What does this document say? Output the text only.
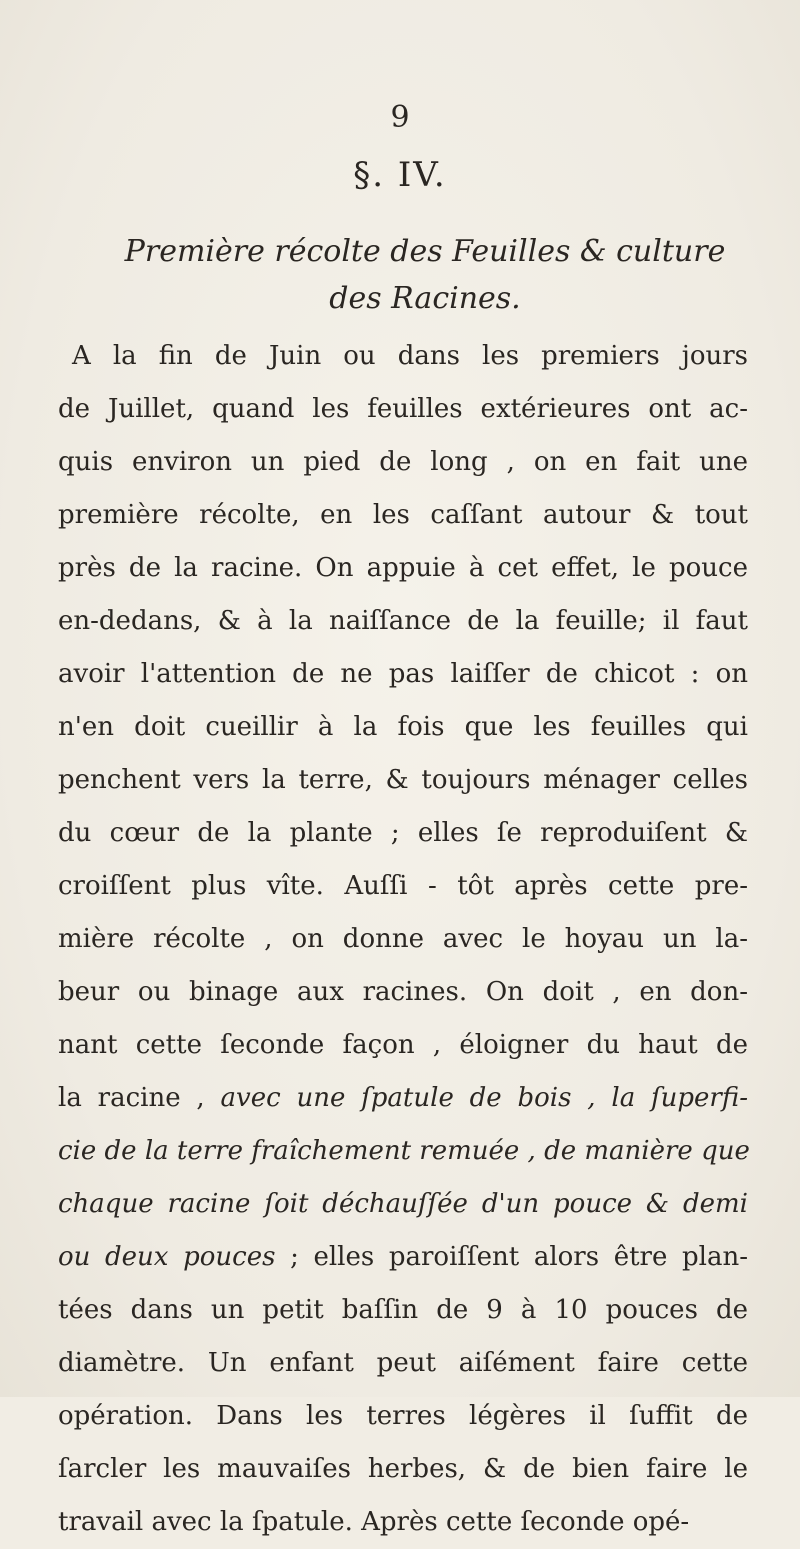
9
§. IV.
Première récolte des Feuilles & culture
des Racines.
A la fin de Juin ou dans les premiers jours
de Juillet, quand les feuilles extérieures ont ac-
quis environ un pied de long , on en fait une
première récolte, en les caſſant autour & tout
près de la racine. On appuie à cet effet, le pouce
en-dedans, & à la naiſſance de la feuille; il faut
avoir l'attention de ne pas laiſſer de chicot : on
n'en doit cueillir à la fois que les feuilles qui
penchent vers la terre, & toujours ménager celles
du cœur de la plante ; elles ſe reproduiſent &
croiſſent plus vîte. Auſſi - tôt après cette pre-
mière récolte , on donne avec le hoyau un la-
beur ou binage aux racines. On doit , en don-
nant cette ſeconde façon , éloigner du haut de
la racine , avec une ſpatule de bois , la ſuperfi-
cie de la terre fraîchement remuée , de manière que
chaque racine ſoit déchauſſée d'un pouce & demi
ou deux pouces ; elles paroiſſent alors être plan-
tées dans un petit baſſin de 9 à 10 pouces de
diamètre. Un enfant peut aiſément faire cette
opération. Dans les terres légères il ſuffit de
ſarcler les mauvaiſes herbes, & de bien faire le
travail avec la ſpatule. Après cette ſeconde opé-
